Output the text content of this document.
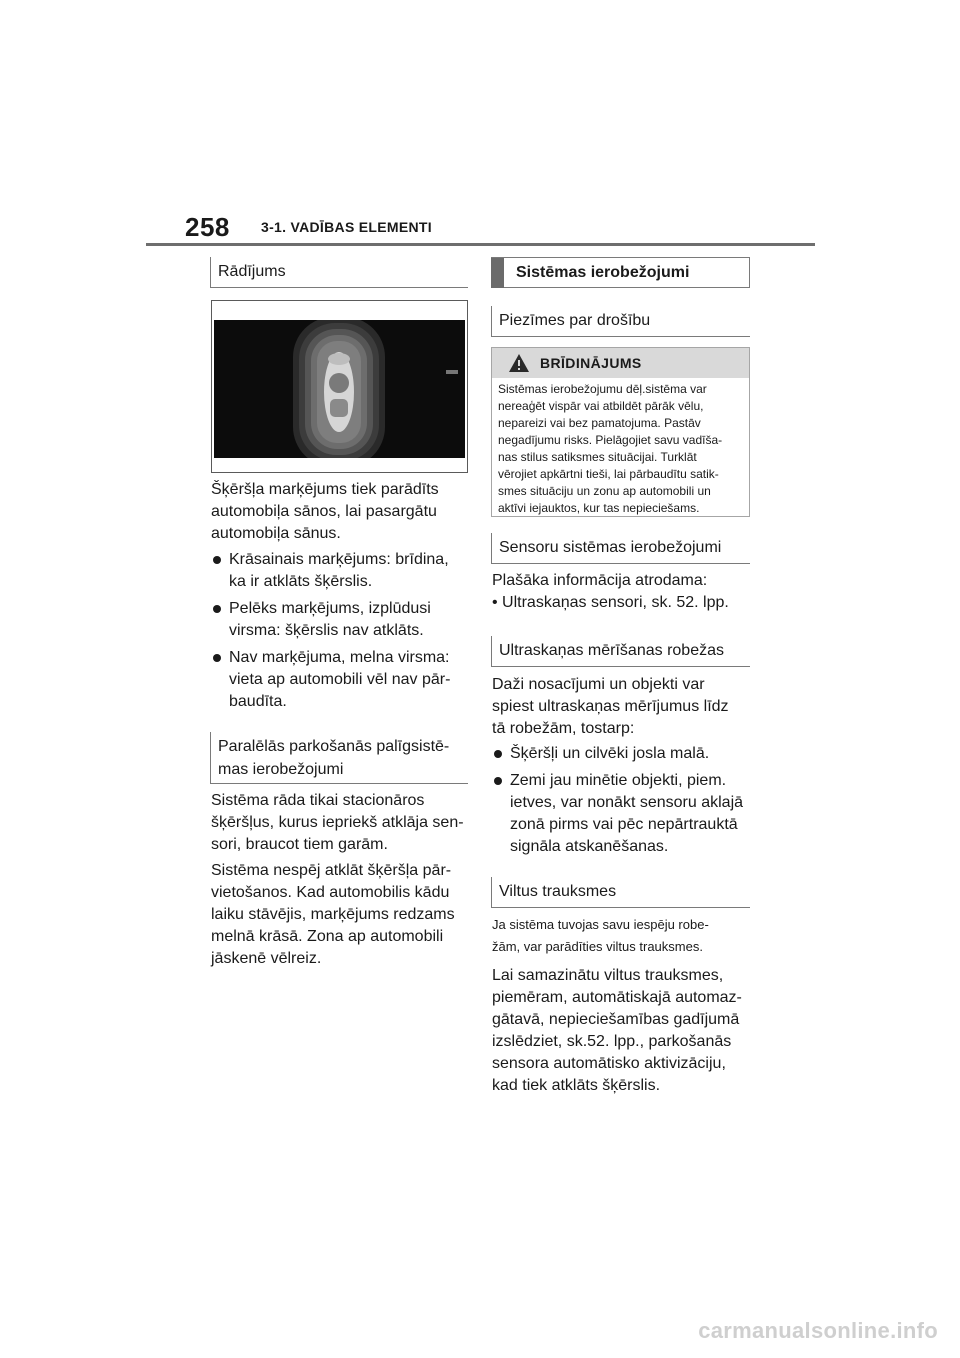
258 3-1. VADĪBAS ELEMENTI
Rādījums

Šķēršļa marķējums tiek parādīts

automobiļa sānos, lai pasargātu

automobiļa sānus.

Krāsainais marķējums: brīdina,
ka ir atklāts šķērslis.
Pelēks marķējums, izplūdusi
virsma: šķērslis nav atklāts.
Nav marķējuma, melna virsma:
vieta ap automobili vēl nav pār-
baudīta.
Paralēlās parkošanās palīgsistē-
mas ierobežojumi

Sistēma rāda tikai stacionāros

šķēršļus, kurus iepriekš atklāja sen-

sori, braucot tiem garām.

Sistēma nespēj atklāt šķēršļa pār-

vietošanos. Kad automobilis kādu

laiku stāvējis, marķējums redzams

melnā krāsā. Zona ap automobili

jāskenē vēlreiz.

Sistēmas ierobežojumi
Piezīmes par drošību
BRĪDINĀJUMS
Sistēmas ierobežojumu dēļ.sistēma var
nereaģēt vispār vai atbildēt pārāk vēlu,
nepareizi vai bez pamatojuma. Pastāv
negadījumu risks. Pielāgojiet savu vadīša-
nas stilus satiksmes situācijai. Turklāt
vērojiet apkārtni tieši, lai pārbaudītu satik-
smes situāciju un zonu ap automobili un
aktīvi iejauktos, kur tas nepieciešams.
Sensoru sistēmas ierobežojumi

Plašāka informācija atrodama:

• Ultraskaņas sensori, sk. 52. lpp.

Ultraskaņas mērīšanas robežas

Daži nosacījumi un objekti var

spiest ultraskaņas mērījumus līdz

tā robežām, tostarp:

Šķēršļi un cilvēki josla malā.
Zemi jau minētie objekti, piem.
ietves, var nonākt sensoru aklajā
zonā pirms vai pēc nepārtrauktā
signāla atskanēšanas.
Viltus trauksmes
Ja sistēma tuvojas savu iespēju robe-
žām, var parādīties viltus trauksmes.

Lai samazinātu viltus trauksmes,

piemēram, automātiskajā automaz-

gātavā, nepieciešamības gadījumā

izslēdziet, sk.52. lpp., parkošanās

sensora automātisko aktivizāciju,

kad tiek atklāts šķērslis.

carmanualsonline.info
